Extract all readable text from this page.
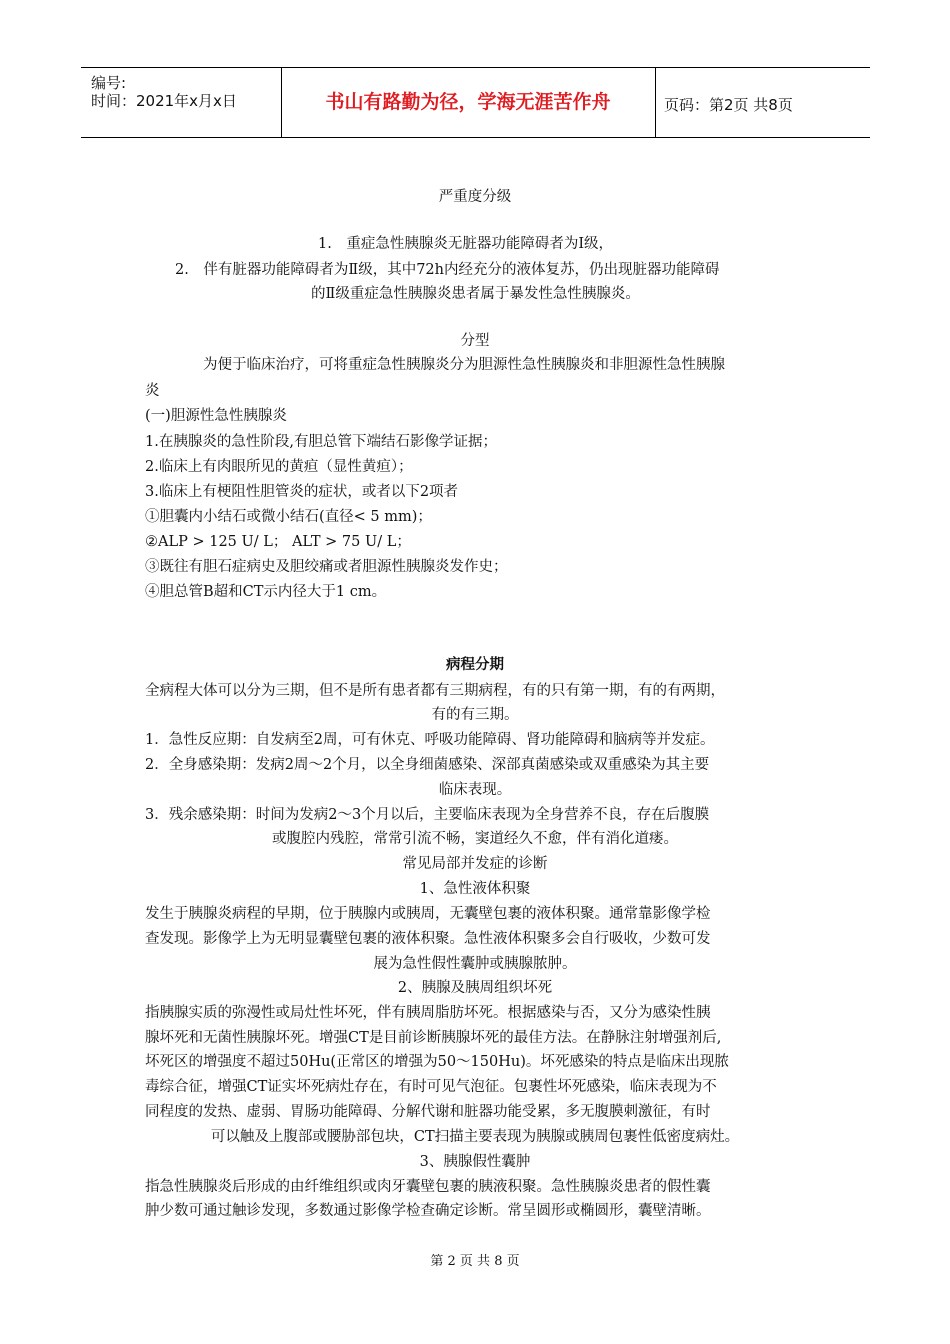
编号:
时间：2021年x月x日	书山有路勤为径，学海无涯苦作舟	页码：第2页 共8页
严重度分级
1.　重症急性胰腺炎无脏器功能障碍者为Ⅰ级，
2.　伴有脏器功能障碍者为Ⅱ级，其中72h内经充分的液体复苏，仍出现脏器功能障碍
的Ⅱ级重症急性胰腺炎患者属于暴发性急性胰腺炎。
分型
为便于临床治疗，可将重症急性胰腺炎分为胆源性急性胰腺炎和非胆源性急性胰腺
炎
(一)胆源性急性胰腺炎
1.在胰腺炎的急性阶段,有胆总管下端结石影像学证据；
2.临床上有肉眼所见的黄疸（显性黄疸）；
3.临床上有梗阻性胆管炎的症状，或者以下2项者
①胆囊内小结石或微小结石(直径< 5 mm)；
②ALP > 125 U/ L； ALT > 75 U/ L；
③既往有胆石症病史及胆绞痛或者胆源性胰腺炎发作史；
④胆总管B超和CT示内径大于1 cm。
病程分期
全病程大体可以分为三期，但不是所有患者都有三期病程，有的只有第一期，有的有两期，
有的有三期。
1．急性反应期：自发病至2周，可有休克、呼吸功能障碍、肾功能障碍和脑病等并发症。
2．全身感染期：发病2周～2个月，以全身细菌感染、深部真菌感染或双重感染为其主要
临床表现。
3．残余感染期：时间为发病2～3个月以后，主要临床表现为全身营养不良，存在后腹膜
或腹腔内残腔，常常引流不畅，窦道经久不愈，伴有消化道瘘。
常见局部并发症的诊断
1、急性液体积聚
发生于胰腺炎病程的早期，位于胰腺内或胰周，无囊壁包裹的液体积聚。通常靠影像学检
查发现。影像学上为无明显囊壁包裹的液体积聚。急性液体积聚多会自行吸收，少数可发
展为急性假性囊肿或胰腺脓肿。
2、胰腺及胰周组织坏死
指胰腺实质的弥漫性或局灶性坏死，伴有胰周脂肪坏死。根据感染与否，又分为感染性胰
腺坏死和无菌性胰腺坏死。增强CT是目前诊断胰腺坏死的最佳方法。在静脉注射增强剂后,
坏死区的增强度不超过50Hu(正常区的增强为50～150Hu)。坏死感染的特点是临床出现脓
毒综合征，增强CT证实坏死病灶存在，有时可见气泡征。包裹性坏死感染，临床表现为不
同程度的发热、虚弱、胃肠功能障碍、分解代谢和脏器功能受累，多无腹膜刺激征，有时
可以触及上腹部或腰胁部包块，CT扫描主要表现为胰腺或胰周包裹性低密度病灶。
3、胰腺假性囊肿
指急性胰腺炎后形成的由纤维组织或肉牙囊壁包裹的胰液积聚。急性胰腺炎患者的假性囊
肿少数可通过触诊发现，多数通过影像学检查确定诊断。常呈圆形或椭圆形，囊壁清晰。
第 2 页 共 8 页
